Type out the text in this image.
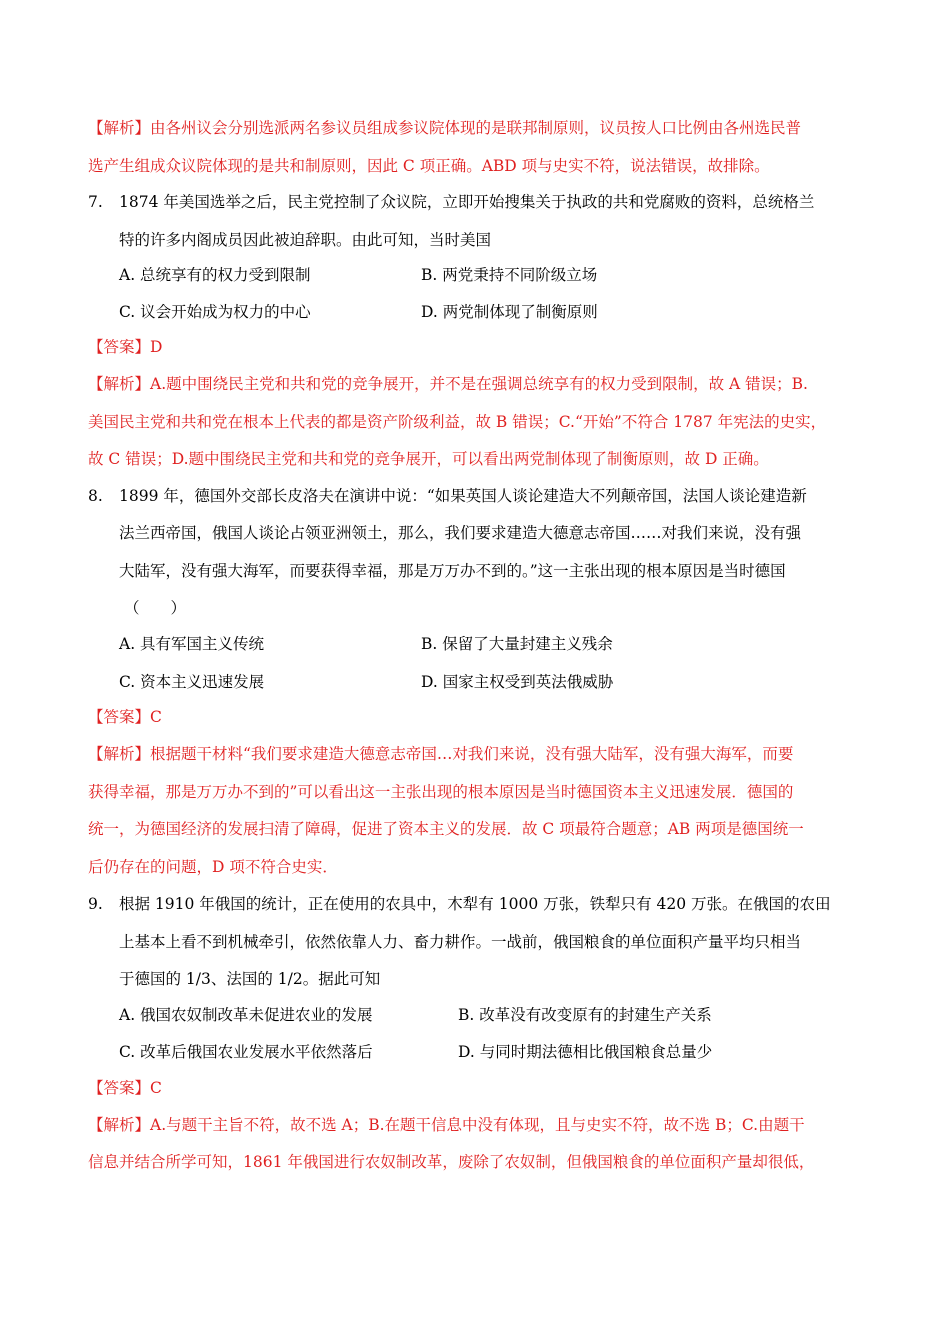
【解析】由各州议会分别选派两名参议员组成参议院体现的是联邦制原则，议员按人口比例由各州选民普
选产生组成众议院体现的是共和制原则，因此 C 项正确。ABD 项与史实不符，说法错误，故排除。
7. 1874 年美国选举之后，民主党控制了众议院，立即开始搜集关于执政的共和党腐败的资料，总统格兰
特的许多内阁成员因此被迫辞职。由此可知，当时美国
A. 总统享有的权力受到限制	B. 两党秉持不同阶级立场
C. 议会开始成为权力的中心	D. 两党制体现了制衡原则
【答案】D
【解析】A.题中围绕民主党和共和党的竞争展开，并不是在强调总统享有的权力受到限制，故 A 错误；B.
美国民主党和共和党在根本上代表的都是资产阶级利益，故 B 错误；C.“开始”不符合 1787 年宪法的史实，
故 C 错误；D.题中围绕民主党和共和党的竞争展开，可以看出两党制体现了制衡原则，故 D 正确。
8. 1899 年，德国外交部长皮洛夫在演讲中说：“如果英国人谈论建造大不列颠帝国，法国人谈论建造新
法兰西帝国，俄国人谈论占领亚洲领土，那么，我们要求建造大德意志帝国……对我们来说，没有强
大陆军，没有强大海军，而要获得幸福，那是万万办不到的。”这一主张出现的根本原因是当时德国
（　　）
A. 具有军国主义传统	B. 保留了大量封建主义残余
C. 资本主义迅速发展	D. 国家主权受到英法俄威胁
【答案】C
【解析】根据题干材料“我们要求建造大德意志帝国…对我们来说，没有强大陆军，没有强大海军，而要
获得幸福，那是万万办不到的”可以看出这一主张出现的根本原因是当时德国资本主义迅速发展．德国的
统一，为德国经济的发展扫清了障碍，促进了资本主义的发展．故 C 项最符合题意；AB 两项是德国统一
后仍存在的问题，D 项不符合史实．
9. 根据 1910 年俄国的统计，正在使用的农具中，木犁有 1000 万张，铁犁只有 420 万张。在俄国的农田
上基本上看不到机械牵引，依然依靠人力、畜力耕作。一战前，俄国粮食的单位面积产量平均只相当
于德国的 1/3、法国的 1/2。据此可知
A. 俄国农奴制改革未促进农业的发展	B. 改革没有改变原有的封建生产关系
C. 改革后俄国农业发展水平依然落后	D. 与同时期法德相比俄国粮食总量少
【答案】C
【解析】A.与题干主旨不符，故不选 A；B.在题干信息中没有体现，且与史实不符，故不选 B；C.由题干
信息并结合所学可知，1861 年俄国进行农奴制改革，废除了农奴制，但俄国粮食的单位面积产量却很低，
